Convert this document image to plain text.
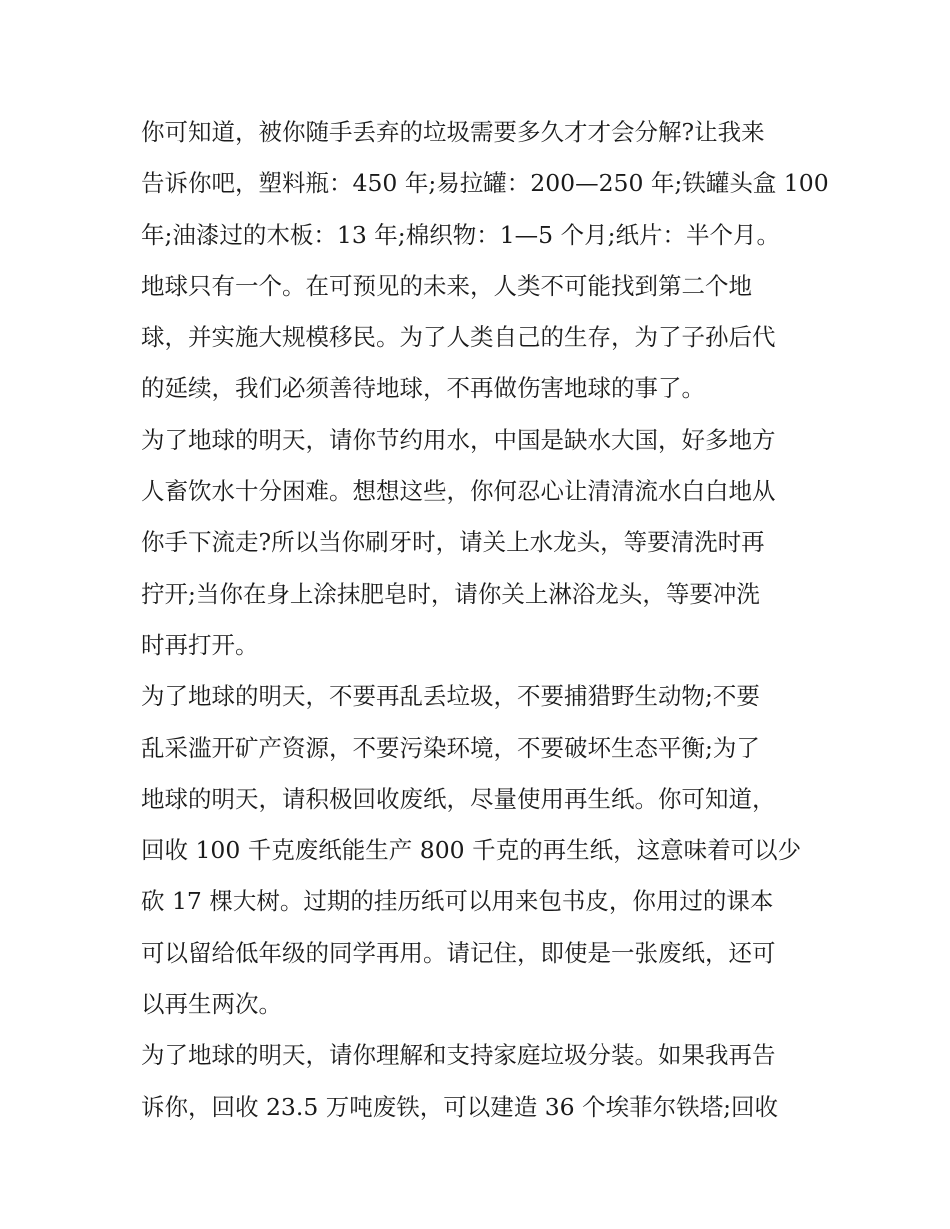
你可知道，被你随手丢弃的垃圾需要多久才才会分解?让我来
告诉你吧，塑料瓶：450 年;易拉罐：200—250 年;铁罐头盒 100
年;油漆过的木板：13 年;棉织物：1—5 个月;纸片：半个月。
地球只有一个。在可预见的未来，人类不可能找到第二个地
球，并实施大规模移民。为了人类自己的生存，为了子孙后代
的延续，我们必须善待地球，不再做伤害地球的事了。
为了地球的明天，请你节约用水，中国是缺水大国，好多地方
人畜饮水十分困难。想想这些，你何忍心让清清流水白白地从
你手下流走?所以当你刷牙时，请关上水龙头，等要清洗时再
拧开;当你在身上涂抹肥皂时，请你关上淋浴龙头，等要冲洗
时再打开。
为了地球的明天，不要再乱丢垃圾，不要捕猎野生动物;不要
乱采滥开矿产资源，不要污染环境，不要破坏生态平衡;为了
地球的明天，请积极回收废纸，尽量使用再生纸。你可知道，
回收 100 千克废纸能生产 800 千克的再生纸，这意味着可以少
砍 17 棵大树。过期的挂历纸可以用来包书皮，你用过的课本
可以留给低年级的同学再用。请记住，即使是一张废纸，还可
以再生两次。
为了地球的明天，请你理解和支持家庭垃圾分装。如果我再告
诉你，回收 23.5 万吨废铁，可以建造 36 个埃菲尔铁塔;回收
